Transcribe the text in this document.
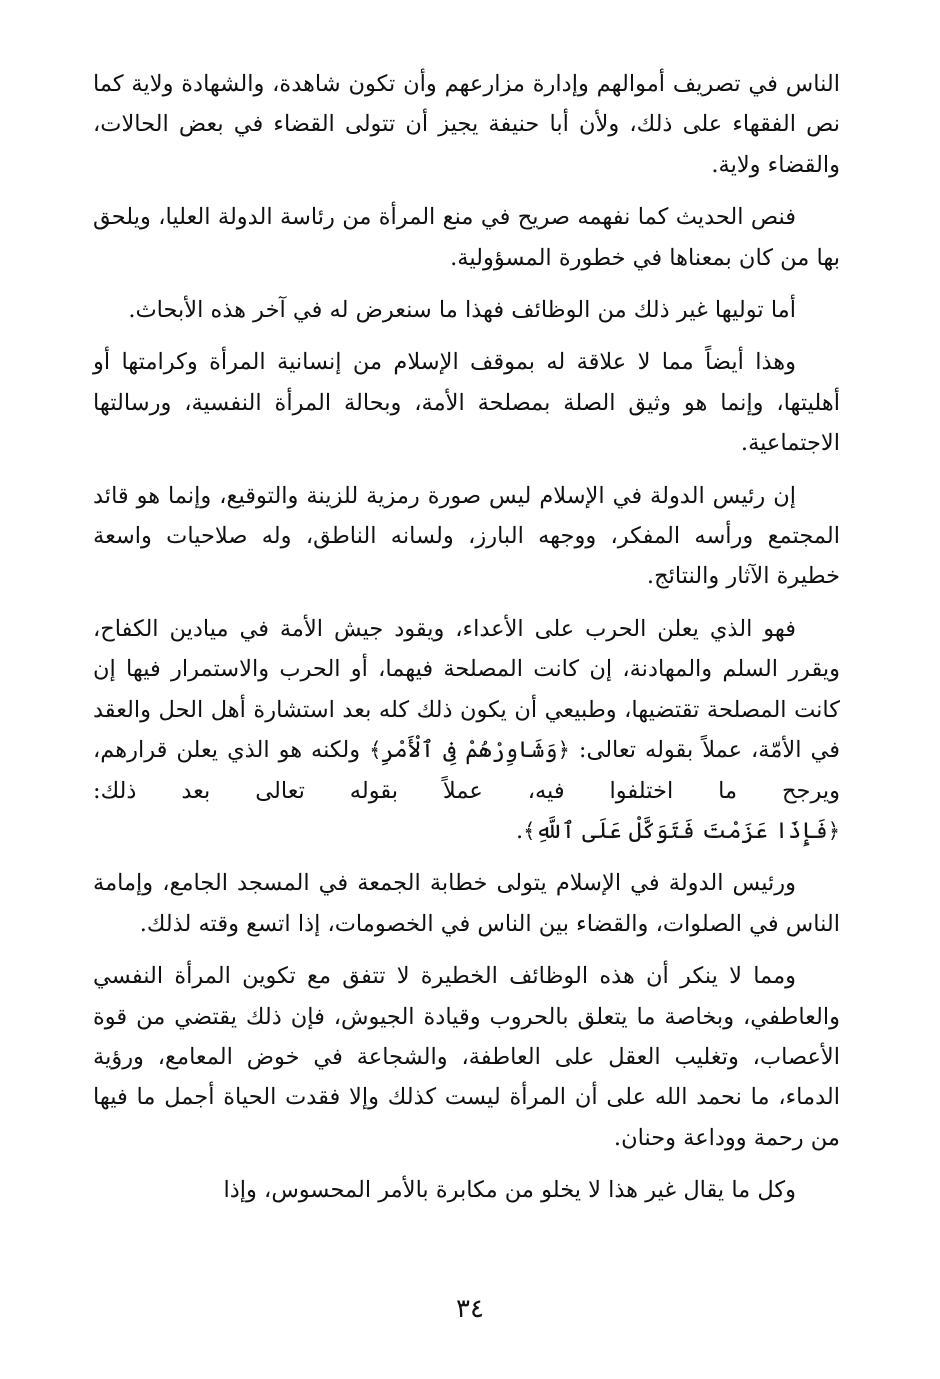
الناس في تصريف أموالهم وإدارة مزارعهم وأن تكون شاهدة، والشهادة ولاية كما نص الفقهاء على ذلك، ولأن أبا حنيفة يجيز أن تتولى القضاء في بعض الحالات، والقضاء ولاية.

فنص الحديث كما نفهمه صريح في منع المرأة من رئاسة الدولة العليا، ويلحق بها من كان بمعناها في خطورة المسؤولية.

أما توليها غير ذلك من الوظائف فهذا ما سنعرض له في آخر هذه الأبحاث.

وهذا أيضاً مما لا علاقة له بموقف الإسلام من إنسانية المرأة وكرامتها أو أهليتها، وإنما هو وثيق الصلة بمصلحة الأمة، وبحالة المرأة النفسية، ورسالتها الاجتماعية.

إن رئيس الدولة في الإسلام ليس صورة رمزية للزينة والتوقيع، وإنما هو قائد المجتمع ورأسه المفكر، ووجهه البارز، ولسانه الناطق، وله صلاحيات واسعة خطيرة الآثار والنتائج.

فهو الذي يعلن الحرب على الأعداء، ويقود جيش الأمة في ميادين الكفاح، ويقرر السلم والمهادنة، إن كانت المصلحة فيهما، أو الحرب والاستمرار فيها إن كانت المصلحة تقتضيها، وطبيعي أن يكون ذلك كله بعد استشارة أهل الحل والعقد في الأمّة، عملاً بقوله تعالى: ﴿وَشَاوِرْهُمْ فِى ٱلْأَمْرِ﴾ ولكنه هو الذي يعلن قرارهم، ويرجح ما اختلفوا فيه، عملاً بقوله تعالى بعد ذلك: ﴿فَإِذَا عَزَمْتَ فَتَوَكَّلْ عَلَى ٱللَّهِ﴾.

ورئيس الدولة في الإسلام يتولى خطابة الجمعة في المسجد الجامع، وإمامة الناس في الصلوات، والقضاء بين الناس في الخصومات، إذا اتسع وقته لذلك.

ومما لا ينكر أن هذه الوظائف الخطيرة لا تتفق مع تكوين المرأة النفسي والعاطفي، وبخاصة ما يتعلق بالحروب وقيادة الجيوش، فإن ذلك يقتضي من قوة الأعصاب، وتغليب العقل على العاطفة، والشجاعة في خوض المعامع، ورؤية الدماء، ما نحمد الله على أن المرأة ليست كذلك وإلا فقدت الحياة أجمل ما فيها من رحمة ووداعة وحنان.

وكل ما يقال غير هذا لا يخلو من مكابرة بالأمر المحسوس، وإذا

٣٤
